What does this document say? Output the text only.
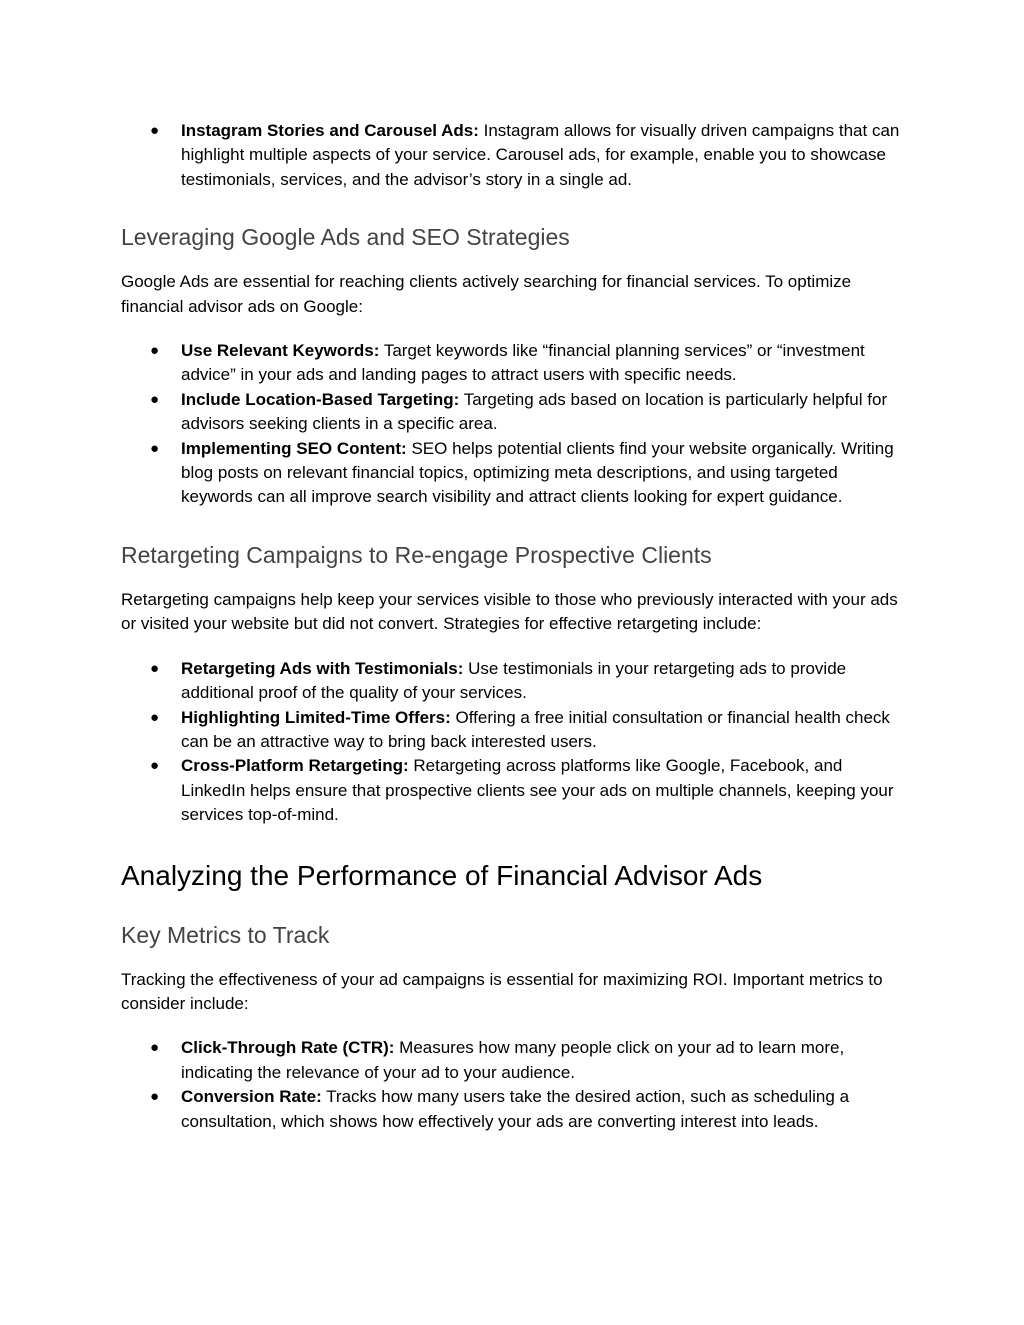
● Instagram Stories and Carousel Ads: Instagram allows for visually driven campaigns that can highlight multiple aspects of your service. Carousel ads, for example, enable you to showcase testimonials, services, and the advisor’s story in a single ad.
Leveraging Google Ads and SEO Strategies

Google Ads are essential for reaching clients actively searching for financial services. To optimize financial advisor ads on Google:

● Use Relevant Keywords: Target keywords like “financial planning services” or “investment advice” in your ads and landing pages to attract users with specific needs.
● Include Location-Based Targeting: Targeting ads based on location is particularly helpful for advisors seeking clients in a specific area.
● Implementing SEO Content: SEO helps potential clients find your website organically. Writing blog posts on relevant financial topics, optimizing meta descriptions, and using targeted keywords can all improve search visibility and attract clients looking for expert guidance.
Retargeting Campaigns to Re-engage Prospective Clients

Retargeting campaigns help keep your services visible to those who previously interacted with your ads or visited your website but did not convert. Strategies for effective retargeting include:

● Retargeting Ads with Testimonials: Use testimonials in your retargeting ads to provide additional proof of the quality of your services.
● Highlighting Limited-Time Offers: Offering a free initial consultation or financial health check can be an attractive way to bring back interested users.
● Cross-Platform Retargeting: Retargeting across platforms like Google, Facebook, and LinkedIn helps ensure that prospective clients see your ads on multiple channels, keeping your services top-of-mind.
Analyzing the Performance of Financial Advisor Ads
Key Metrics to Track

Tracking the effectiveness of your ad campaigns is essential for maximizing ROI. Important metrics to consider include:

● Click-Through Rate (CTR): Measures how many people click on your ad to learn more, indicating the relevance of your ad to your audience.
● Conversion Rate: Tracks how many users take the desired action, such as scheduling a consultation, which shows how effectively your ads are converting interest into leads.
